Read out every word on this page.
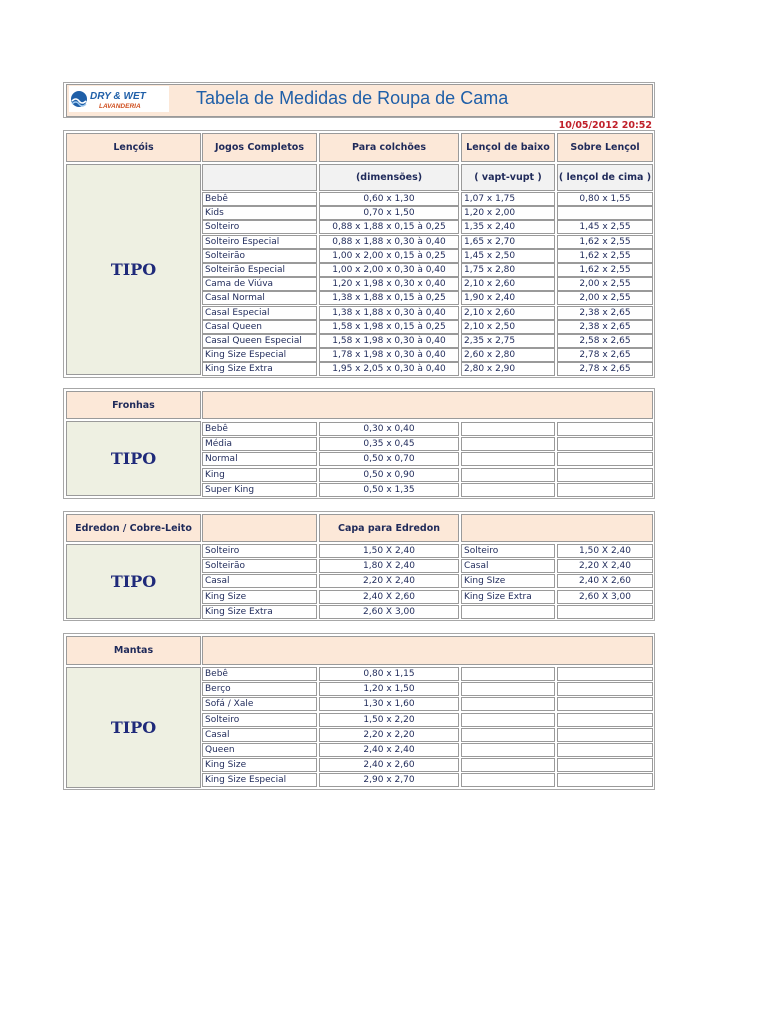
DRY & WET
LAVANDERIA	Tabela de Medidas de Roupa de Cama
10/05/2012 20:52
Lençóis	Jogos Completos	Para colchões	Lençol de baixo	Sobre Lençol
TIPO
(dimensões)	( vapt-vupt )	( lençol de cima )
Bebê	0,60 x 1,30	1,07 x 1,75	0,80 x 1,55
Kids	0,70 x 1,50	1,20 x 2,00
Solteiro	0,88 x 1,88 x 0,15 à 0,25	1,35 x 2,40	1,45 x 2,55
Solteiro Especial	0,88 x 1,88 x 0,30 à 0,40	1,65 x 2,70	1,62 x 2,55
Solteirão	1,00 x 2,00 x 0,15 à 0,25	1,45 x 2,50	1,62 x 2,55
Solteirão Especial	1,00 x 2,00 x 0,30 à 0,40	1,75 x 2,80	1,62 x 2,55
Cama de Viúva	1,20 x 1,98 x 0,30 x 0,40	2,10 x 2,60	2,00 x 2,55
Casal Normal	1,38 x 1,88 x 0,15 à 0,25	1,90 x 2,40	2,00 x 2,55
Casal Especial	1,38 x 1,88 x 0,30 à 0,40	2,10 x 2,60	2,38 x 2,65
Casal Queen	1,58 x 1,98 x 0,15 à 0,25	2,10 x 2,50	2,38 x 2,65
Casal Queen Especial	1,58 x 1,98 x 0,30 à 0,40	2,35 x 2,75	2,58 x 2,65
King Size Especial	1,78 x 1,98 x 0,30 à 0,40	2,60 x 2,80	2,78 x 2,65
King Size Extra	1,95 x 2,05 x 0,30 à 0,40	2,80 x 2,90	2,78 x 2,65
Fronhas
TIPO
Bebê	0,30 x 0,40
Média	0,35 x 0,45
Normal	0,50 x 0,70
King	0,50 x 0,90
Super King	0,50 x 1,35
Edredon / Cobre-Leito	Capa para Edredon
TIPO
Solteiro	1,50 X 2,40	Solteiro	1,50 X 2,40
Solteirão	1,80 X 2,40	Casal	2,20 X 2,40
Casal	2,20 X 2,40	King SIze	2,40 X 2,60
King Size	2,40 X 2,60	King Size Extra	2,60 X 3,00
King Size Extra	2,60 X 3,00
Mantas
TIPO
Bebê	0,80 x 1,15
Berço	1,20 x 1,50
Sofá / Xale	1,30 x 1,60
Solteiro	1,50 x 2,20
Casal	2,20 x 2,20
Queen	2,40 x 2,40
King Size	2,40 x 2,60
King Size Especial	2,90 x 2,70
